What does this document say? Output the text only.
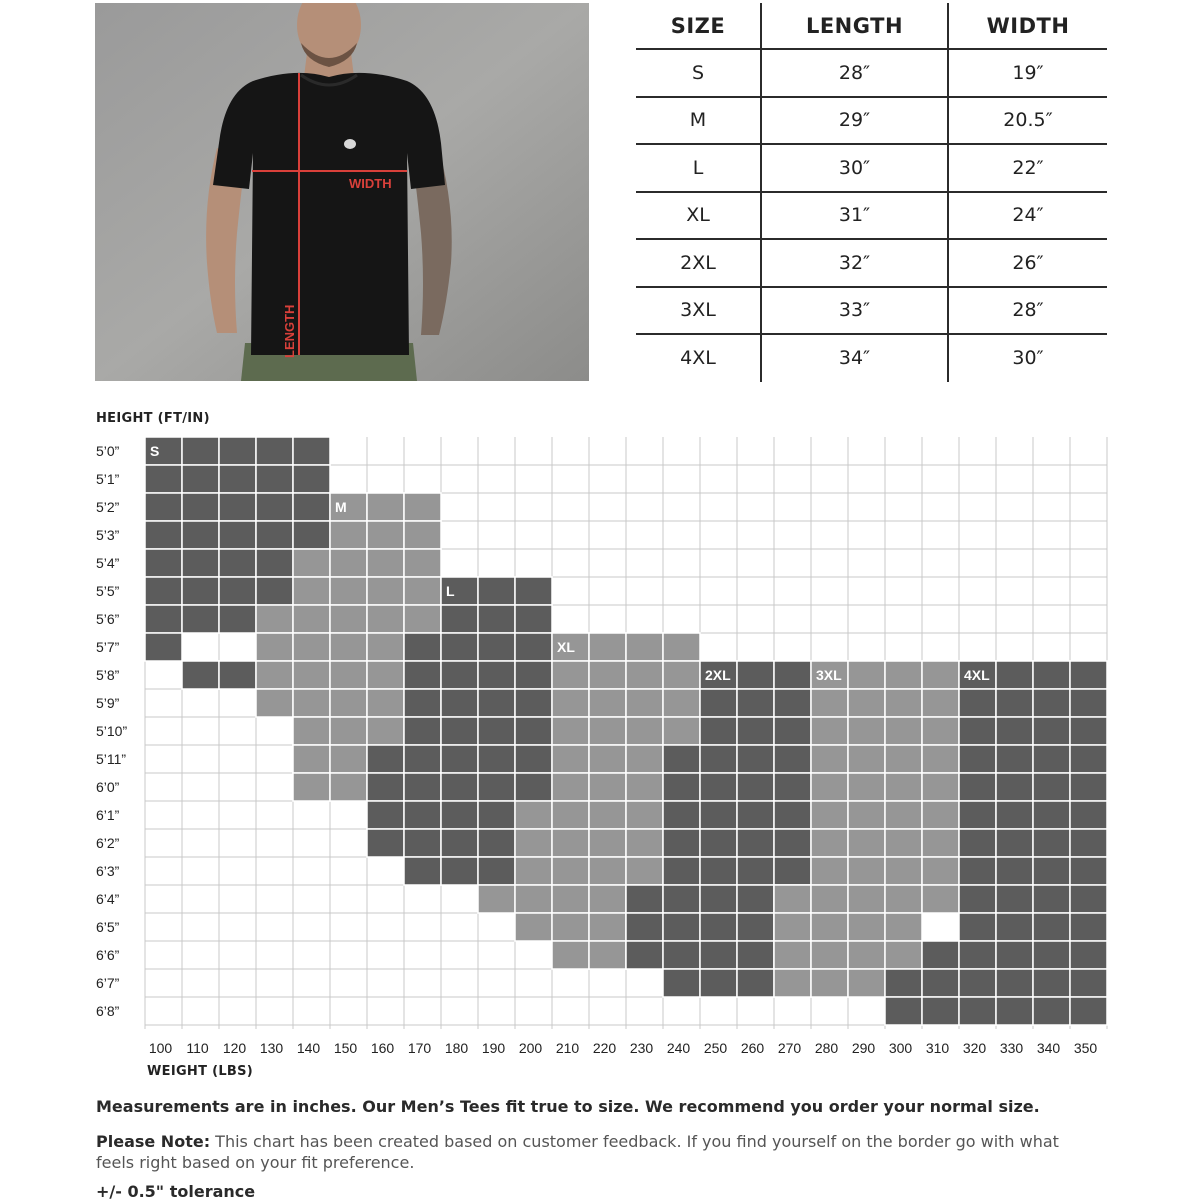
WIDTH
LENGTH
SIZE	LENGTH	WIDTH
S	28″	19″
M	29″	20.5″
L	30″	22″
XL	31″	24″
2XL	32″	26″
3XL	33″	28″
4XL	34″	30″
HEIGHT (FT/IN)
5’0”
5’1”
5’2”
5’3”
5’4”
5’5”
5’6”
5’7”
5’8”
5’9”
5’10”
5’11”
6’0”
6’1”
6’2”
6’3”
6’4”
6’5”
6’6”
6’7”
6’8”
100 110 120 130 140 150 160 170 180 190 200 210 220 230 240 250 260 270 280 290 300 310 320 330 340 350
S
M
L
XL
2XL	3XL	4XL
WEIGHT (LBS)
Measurements are in inches. Our Men’s Tees fit true to size. We recommend you order your normal size.
Please Note: This chart has been created based on customer feedback. If you find yourself on the border go with what feels right based on your fit preference.
+/- 0.5" tolerance
